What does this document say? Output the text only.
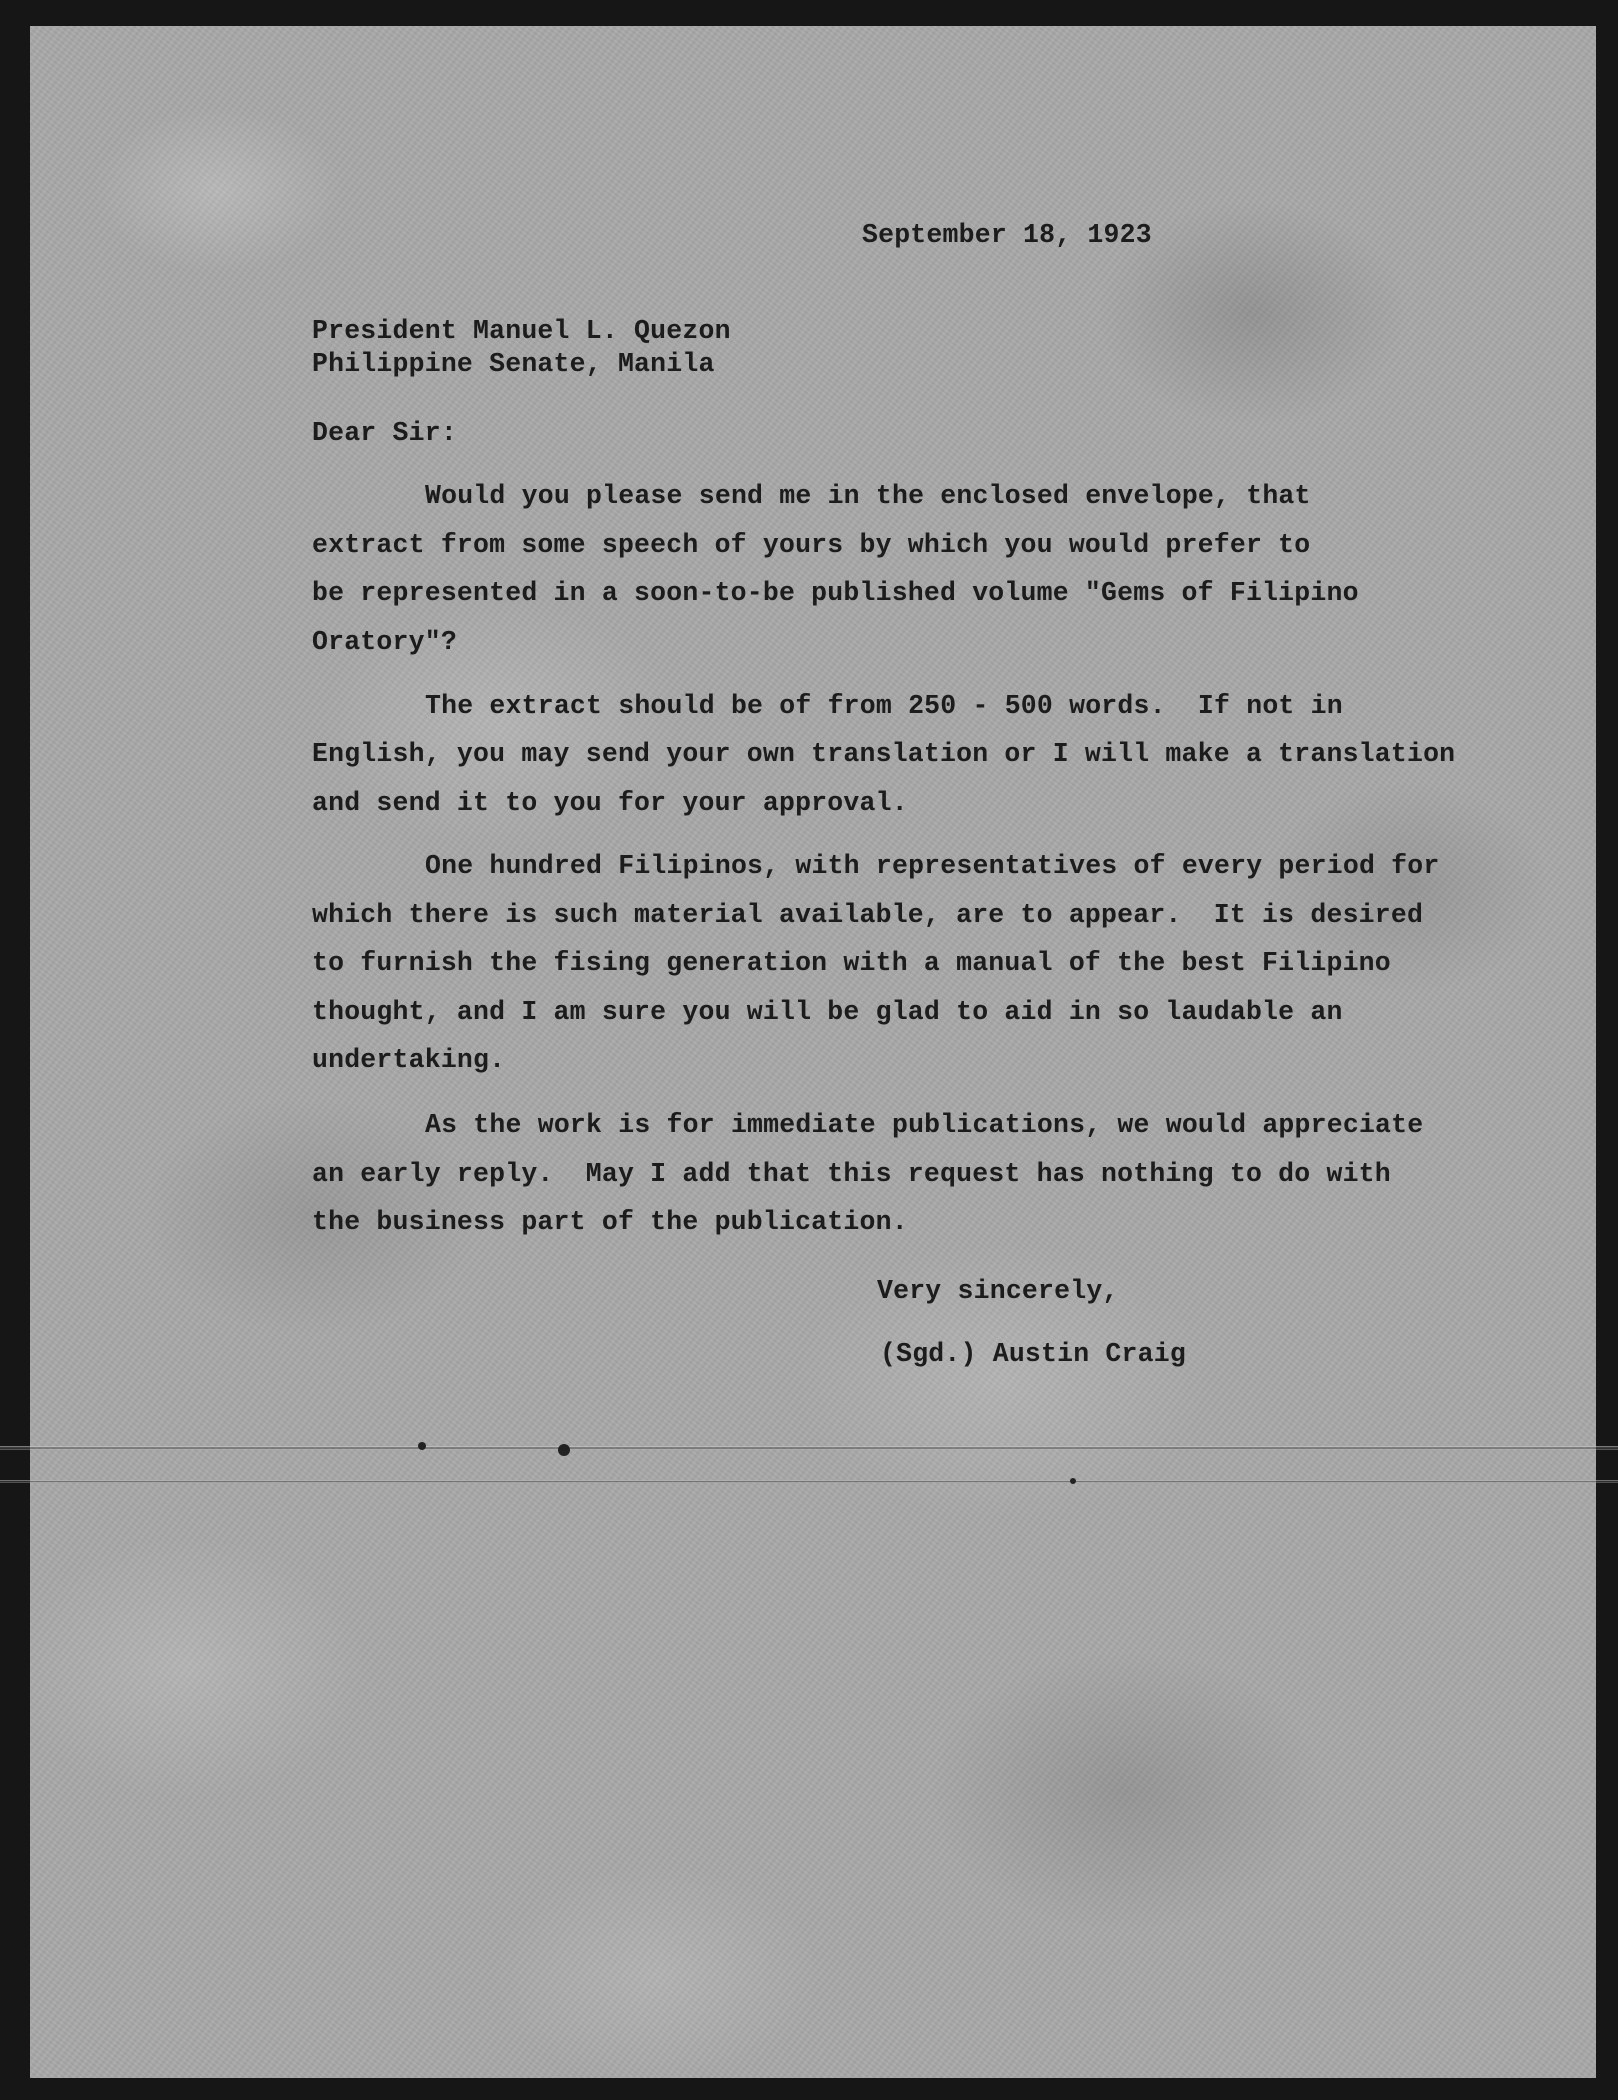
September 18, 1923
President Manuel L. Quezon
Philippine Senate, Manila
Dear Sir:
Would you please send me in the enclosed envelope, that
extract from some speech of yours by which you would prefer to
be represented in a soon-to-be published volume "Gems of Filipino
Oratory"?
The extract should be of from 250 - 500 words.  If not in
English, you may send your own translation or I will make a translation
and send it to you for your approval.
One hundred Filipinos, with representatives of every period for
which there is such material available, are to appear.  It is desired
to furnish the fising generation with a manual of the best Filipino
thought, and I am sure you will be glad to aid in so laudable an
undertaking.
As the work is for immediate publications, we would appreciate
an early reply.  May I add that this request has nothing to do with
the business part of the publication.
Very sincerely,
(Sgd.) Austin Craig
